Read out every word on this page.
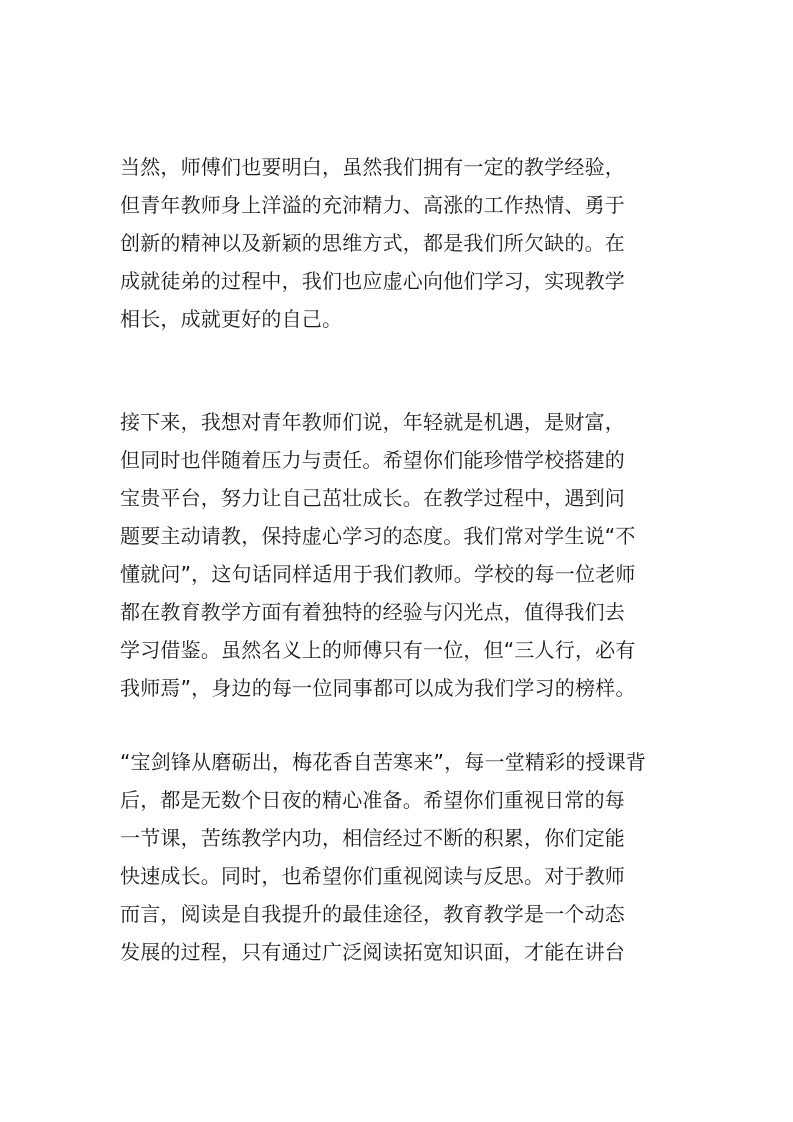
当然，师傅们也要明白，虽然我们拥有一定的教学经验，
但青年教师身上洋溢的充沛精力、高涨的工作热情、勇于
创新的精神以及新颖的思维方式，都是我们所欠缺的。在
成就徒弟的过程中，我们也应虚心向他们学习，实现教学
相长，成就更好的自己。
接下来，我想对青年教师们说，年轻就是机遇，是财富，
但同时也伴随着压力与责任。希望你们能珍惜学校搭建的
宝贵平台，努力让自己茁壮成长。在教学过程中，遇到问
题要主动请教，保持虚心学习的态度。我们常对学生说“不
懂就问”，这句话同样适用于我们教师。学校的每一位老师
都在教育教学方面有着独特的经验与闪光点，值得我们去
学习借鉴。虽然名义上的师傅只有一位，但“三人行，必有
我师焉”，身边的每一位同事都可以成为我们学习的榜样。
“宝剑锋从磨砺出，梅花香自苦寒来”，每一堂精彩的授课背
后，都是无数个日夜的精心准备。希望你们重视日常的每
一节课，苦练教学内功，相信经过不断的积累，你们定能
快速成长。同时，也希望你们重视阅读与反思。对于教师
而言，阅读是自我提升的最佳途径，教育教学是一个动态
发展的过程，只有通过广泛阅读拓宽知识面，才能在讲台
